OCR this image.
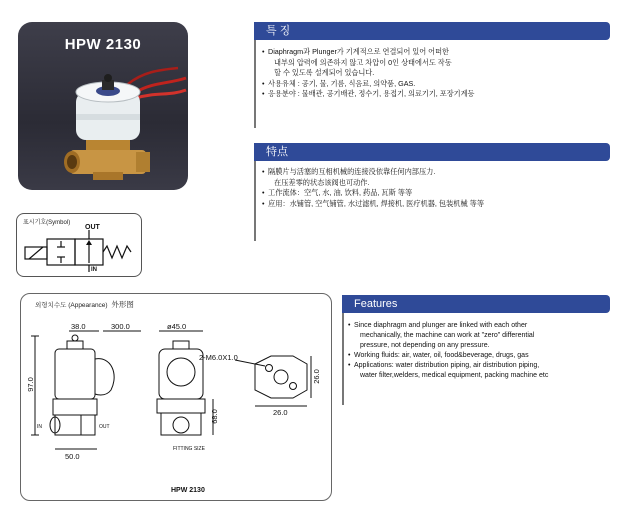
HPW 2130
표시기호(Symbol)
OUT
IN
특 징
• Diaphragm과 Plunger가 기계적으로 연결되어 있어 어떠한
내부의 압력에 의존하지 않고 차압이 0인 상태에서도 작동
할 수 있도록 설계되어 있습니다.
• 사용유체 : 공기, 물, 기름, 식음료, 의약품, GAS.
• 응용분야 : 물배관, 공기배관, 정수기, 용접기, 의료기기, 포장기계등
特点
• 隔膜片与活塞的互相机械的连接没依靠任何内部压力.
在压差零的状态该阀也可动作.
• 工作流体：空气, 水, 油, 饮料, 药品, 瓦斯 等等
• 应用：水铺管, 空气铺管, 水过滤机, 焊接机, 医疗机器, 包装机械 等等
외형치수도 (Appearance) 外形图
38.0	300.0	ø45.0
2-M6.0X1.0
97.0
68.0
50.0
26.0
26.0
IN	OUT
FITTING SIZE
HPW 2130
Features
• Since diaphragm and plunger are linked with each other
mechanically, the machine can work at "zero" differential
pressure, not depending on any pressure.
• Working fluids: air, water, oil, food&beverage, drugs, gas
• Applications: water distribution piping, air distribution piping,
water filter,welders, medical equipment, packing machine etc
